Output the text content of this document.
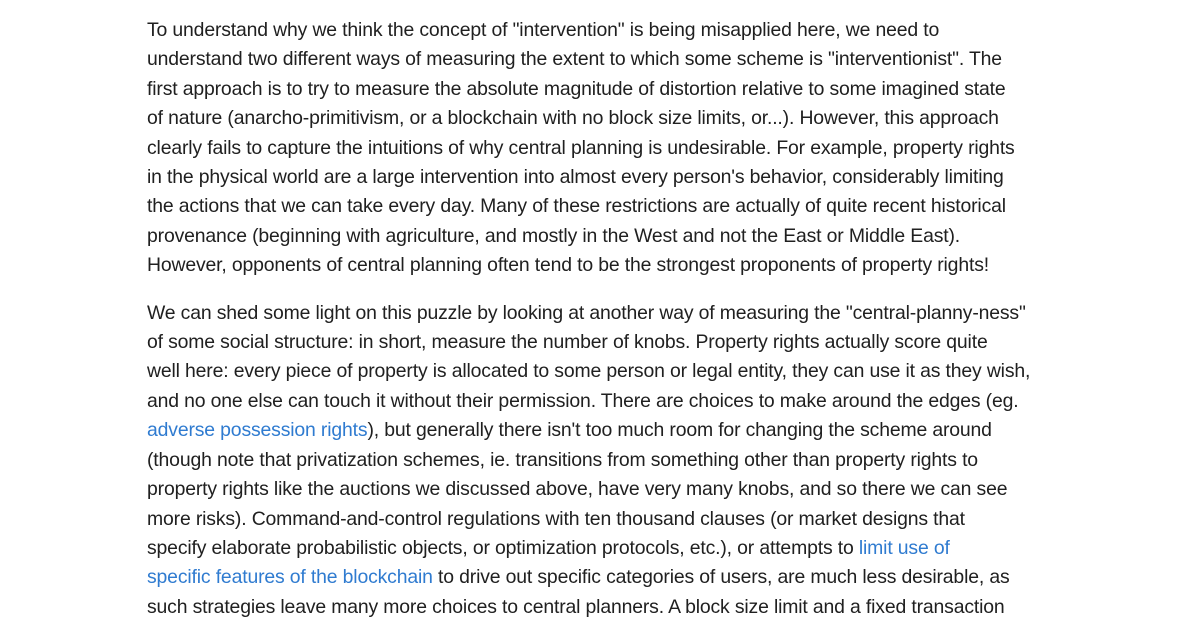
To understand why we think the concept of "intervention" is being misapplied here, we need to
understand two different ways of measuring the extent to which some scheme is "interventionist". The
first approach is to try to measure the absolute magnitude of distortion relative to some imagined state
of nature (anarcho-primitivism, or a blockchain with no block size limits, or...). However, this approach
clearly fails to capture the intuitions of why central planning is undesirable. For example, property rights
in the physical world are a large intervention into almost every person's behavior, considerably limiting
the actions that we can take every day. Many of these restrictions are actually of quite recent historical
provenance (beginning with agriculture, and mostly in the West and not the East or Middle East).
However, opponents of central planning often tend to be the strongest proponents of property rights!

We can shed some light on this puzzle by looking at another way of measuring the "central-planny-ness"
of some social structure: in short, measure the number of knobs. Property rights actually score quite
well here: every piece of property is allocated to some person or legal entity, they can use it as they wish,
and no one else can touch it without their permission. There are choices to make around the edges (eg.
adverse possession rights), but generally there isn't too much room for changing the scheme around
(though note that privatization schemes, ie. transitions from something other than property rights to
property rights like the auctions we discussed above, have very many knobs, and so there we can see
more risks). Command-and-control regulations with ten thousand clauses (or market designs that
specify elaborate probabilistic objects, or optimization protocols, etc.), or attempts to limit use of
specific features of the blockchain to drive out specific categories of users, are much less desirable, as
such strategies leave many more choices to central planners. A block size limit and a fixed transaction
